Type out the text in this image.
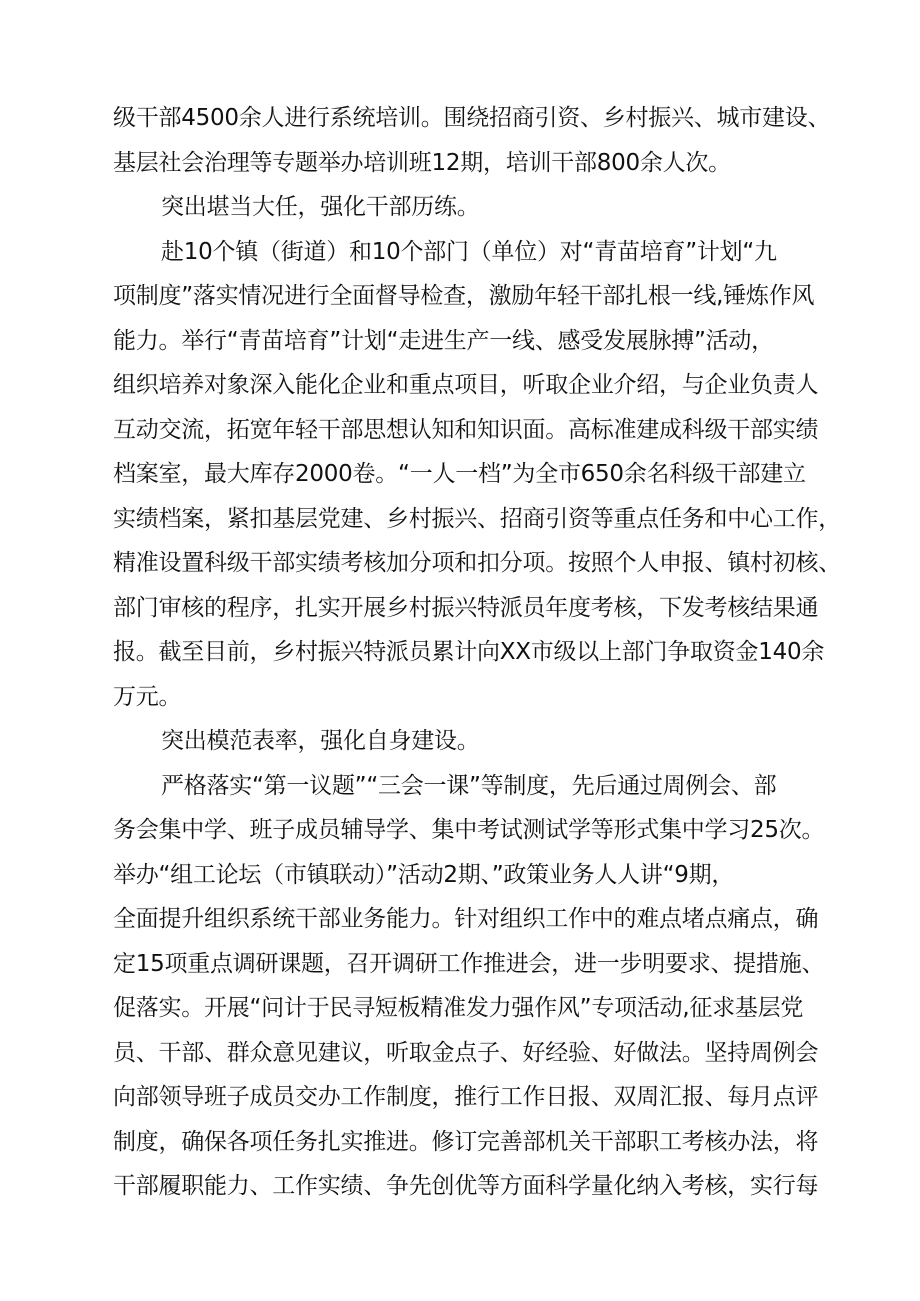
级干部4500余人进行系统培训。围绕招商引资、乡村振兴、城市建设、
基层社会治理等专题举办培训班12期，培训干部800余人次。
突出堪当大任，强化干部历练。
赴10个镇（街道）和10个部门（单位）对“青苗培育”计划“九
项制度”落实情况进行全面督导检查，激励年轻干部扎根一线,锤炼作风
能力。举行“青苗培育”计划“走进生产一线、感受发展脉搏”活动，
组织培养对象深入能化企业和重点项目，听取企业介绍，与企业负责人
互动交流，拓宽年轻干部思想认知和知识面。高标准建成科级干部实绩
档案室，最大库存2000卷。“一人一档”为全市650余名科级干部建立
实绩档案，紧扣基层党建、乡村振兴、招商引资等重点任务和中心工作，
精准设置科级干部实绩考核加分项和扣分项。按照个人申报、镇村初核、
部门审核的程序，扎实开展乡村振兴特派员年度考核，下发考核结果通
报。截至目前，乡村振兴特派员累计向XX市级以上部门争取资金140余
万元。
突出模范表率，强化自身建设。
严格落实“第一议题”“三会一课”等制度，先后通过周例会、部
务会集中学、班子成员辅导学、集中考试测试学等形式集中学习25次。
举办“组工论坛（市镇联动）”活动2期、”政策业务人人讲“9期，
全面提升组织系统干部业务能力。针对组织工作中的难点堵点痛点，确
定15项重点调研课题，召开调研工作推进会，进一步明要求、提措施、
促落实。开展“问计于民寻短板精准发力强作风”专项活动,征求基层党
员、干部、群众意见建议，听取金点子、好经验、好做法。坚持周例会
向部领导班子成员交办工作制度，推行工作日报、双周汇报、每月点评
制度，确保各项任务扎实推进。修订完善部机关干部职工考核办法，将
干部履职能力、工作实绩、争先创优等方面科学量化纳入考核，实行每
